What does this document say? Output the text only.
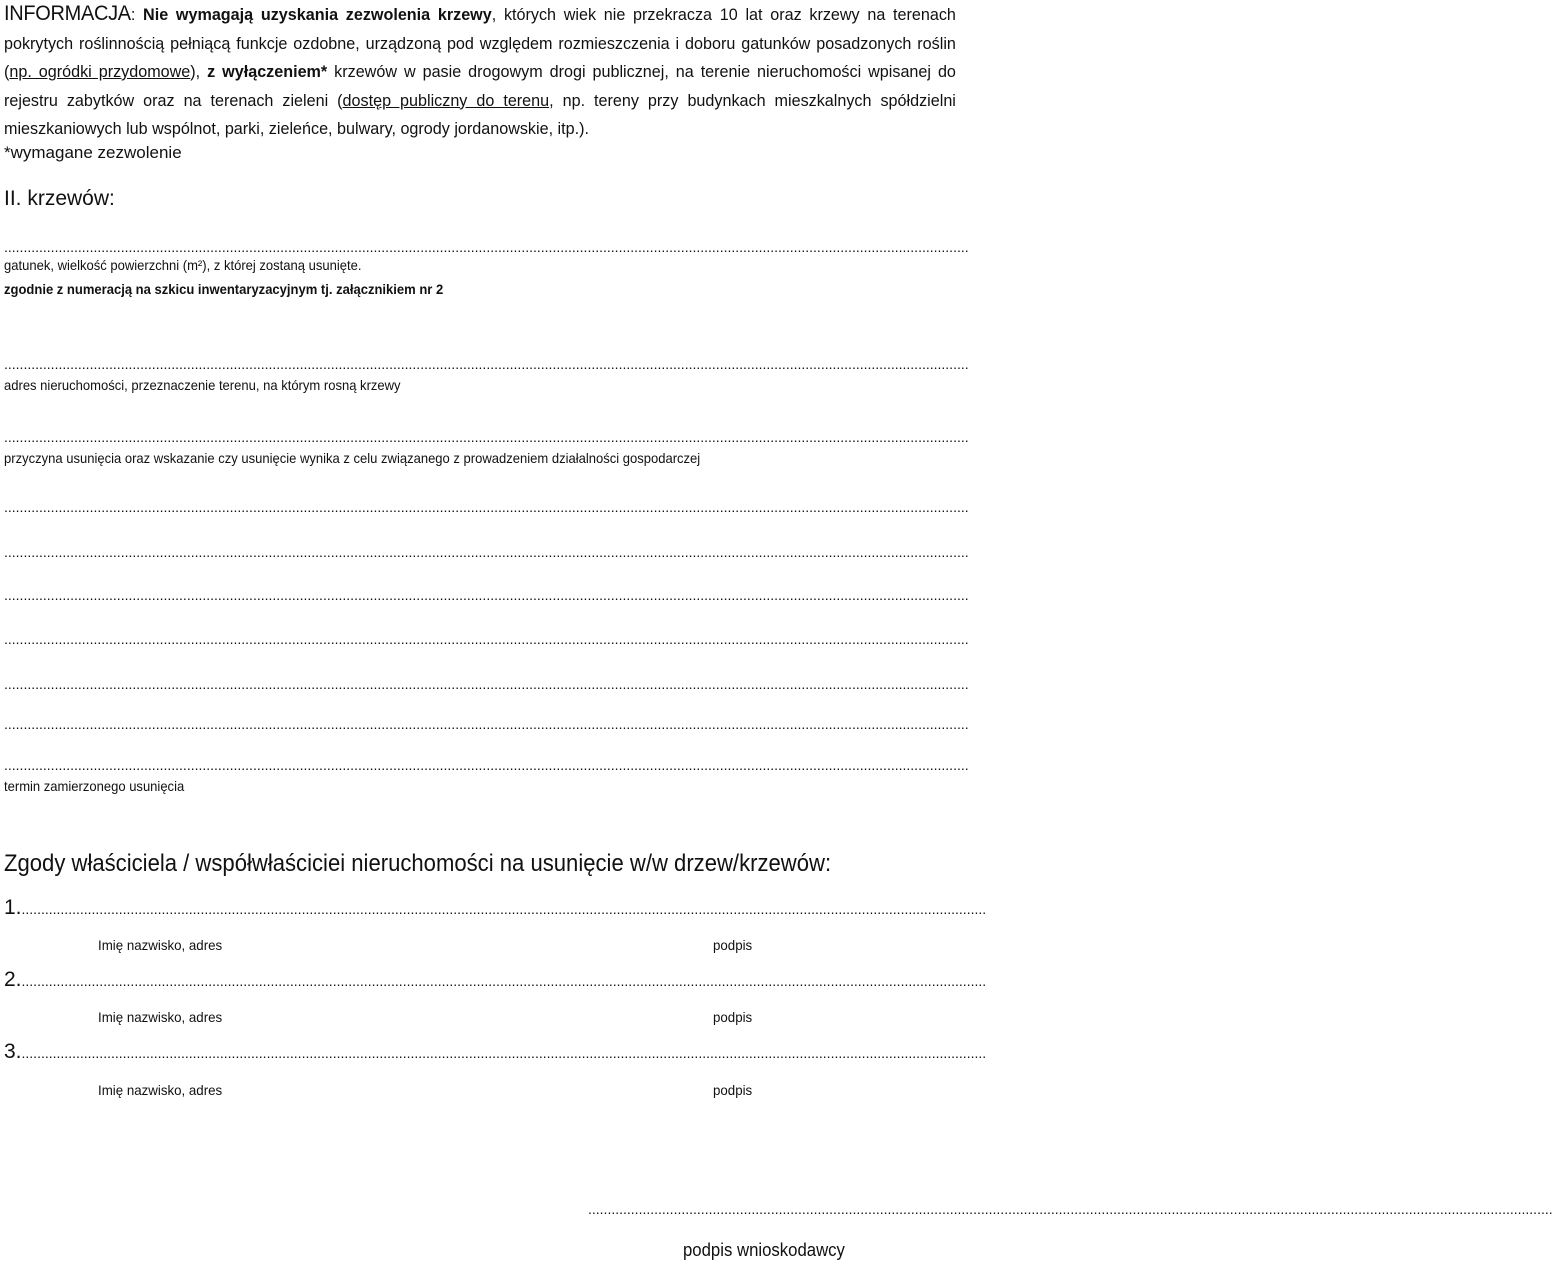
INFORMACJA: Nie wymagają uzyskania zezwolenia krzewy, których wiek nie przekracza 10 lat oraz krzewy na terenach pokrytych roślinnością pełniącą funkcje ozdobne, urządzoną pod względem rozmieszczenia i doboru gatunków posadzonych roślin (np. ogródki przydomowe), z wyłączeniem* krzewów w pasie drogowym drogi publicznej, na terenie nieruchomości wpisanej do rejestru zabytków oraz na terenach zieleni (dostęp publiczny do terenu, np. tereny przy budynkach mieszkalnych spółdzielni mieszkaniowych lub wspólnot, parki, zieleńce, bulwary, ogrody jordanowskie, itp.).
*wymagane zezwolenie
II. krzewów:
........................................................................................................................................................................................................................................................
gatunek, wielkość powierzchni (m²), z której zostaną usunięte.
zgodnie z numeracją na szkicu inwentaryzacyjnym tj. załącznikiem nr 2
........................................................................................................................................................................................................................................................
adres nieruchomości, przeznaczenie terenu, na którym rosną krzewy
........................................................................................................................................................................................................................................................
przyczyna usunięcia oraz wskazanie czy usunięcie wynika z celu związanego z prowadzeniem działalności gospodarczej
........................................................................................................................................................................................................................................................
........................................................................................................................................................................................................................................................
........................................................................................................................................................................................................................................................
........................................................................................................................................................................................................................................................
........................................................................................................................................................................................................................................................
........................................................................................................................................................................................................................................................
........................................................................................................................................................................................................................................................
termin zamierzonego usunięcia
Zgody właściciela / współwłaściciei nieruchomości na usunięcie w/w drzew/krzewów:
1.........................................................................................................................................................................................................................................................
Imię nazwisko, adres	podpis
2.........................................................................................................................................................................................................................................................
Imię nazwisko, adres	podpis
3.........................................................................................................................................................................................................................................................
Imię nazwisko, adres	podpis
........................................................................................................................................................................................................................................................
podpis wnioskodawcy
